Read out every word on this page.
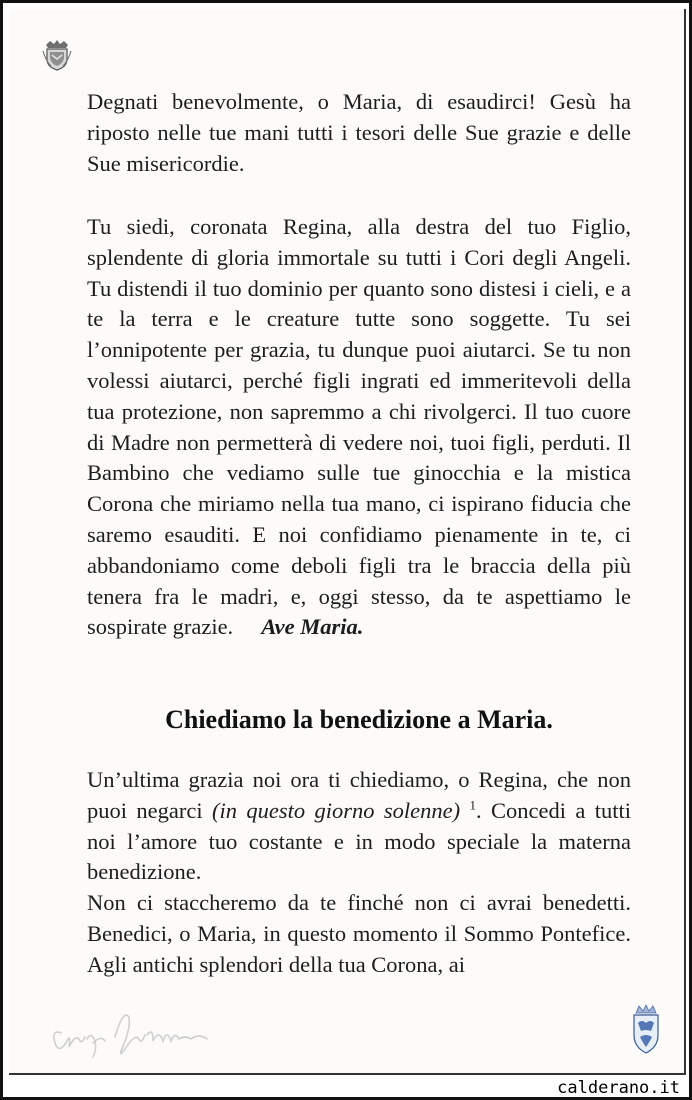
Degnati benevolmente, o Maria, di esaudirci! Gesù ha riposto nelle tue mani tutti i tesori delle Sue grazie e delle Sue misericordie.

Tu siedi, coronata Regina, alla destra del tuo Figlio, splendente di gloria immortale su tutti i Cori degli Angeli. Tu distendi il tuo dominio per quanto sono distesi i cieli, e a te la terra e le creature tutte sono soggette. Tu sei l’onnipotente per grazia, tu dunque puoi aiutarci. Se tu non volessi aiutarci, perché figli ingrati ed immeritevoli della tua protezione, non sapremmo a chi rivolgerci. Il tuo cuore di Madre non permetterà di vedere noi, tuoi figli, perduti. Il Bambino che vediamo sulle tue ginocchia e la mistica Corona che miriamo nella tua mano, ci ispirano fiducia che saremo esauditi. E noi confidiamo pienamente in te, ci abbandoniamo come deboli figli tra le braccia della più tenera fra le madri, e, oggi stesso, da te aspettiamo le sospirate grazie. Ave Maria.

Chiediamo la benedizione a Maria.

Un’ultima grazia noi ora ti chiediamo, o Regina, che non puoi negarci (in questo giorno solenne) $^1$. Concedi a tutti noi l’amore tuo costante e in modo speciale la materna benedizione.

Non ci staccheremo da te finché non ci avrai benedetti. Benedici, o Maria, in questo momento il Sommo Pontefice. Agli antichi splendori della tua Corona, ai

calderano.it
